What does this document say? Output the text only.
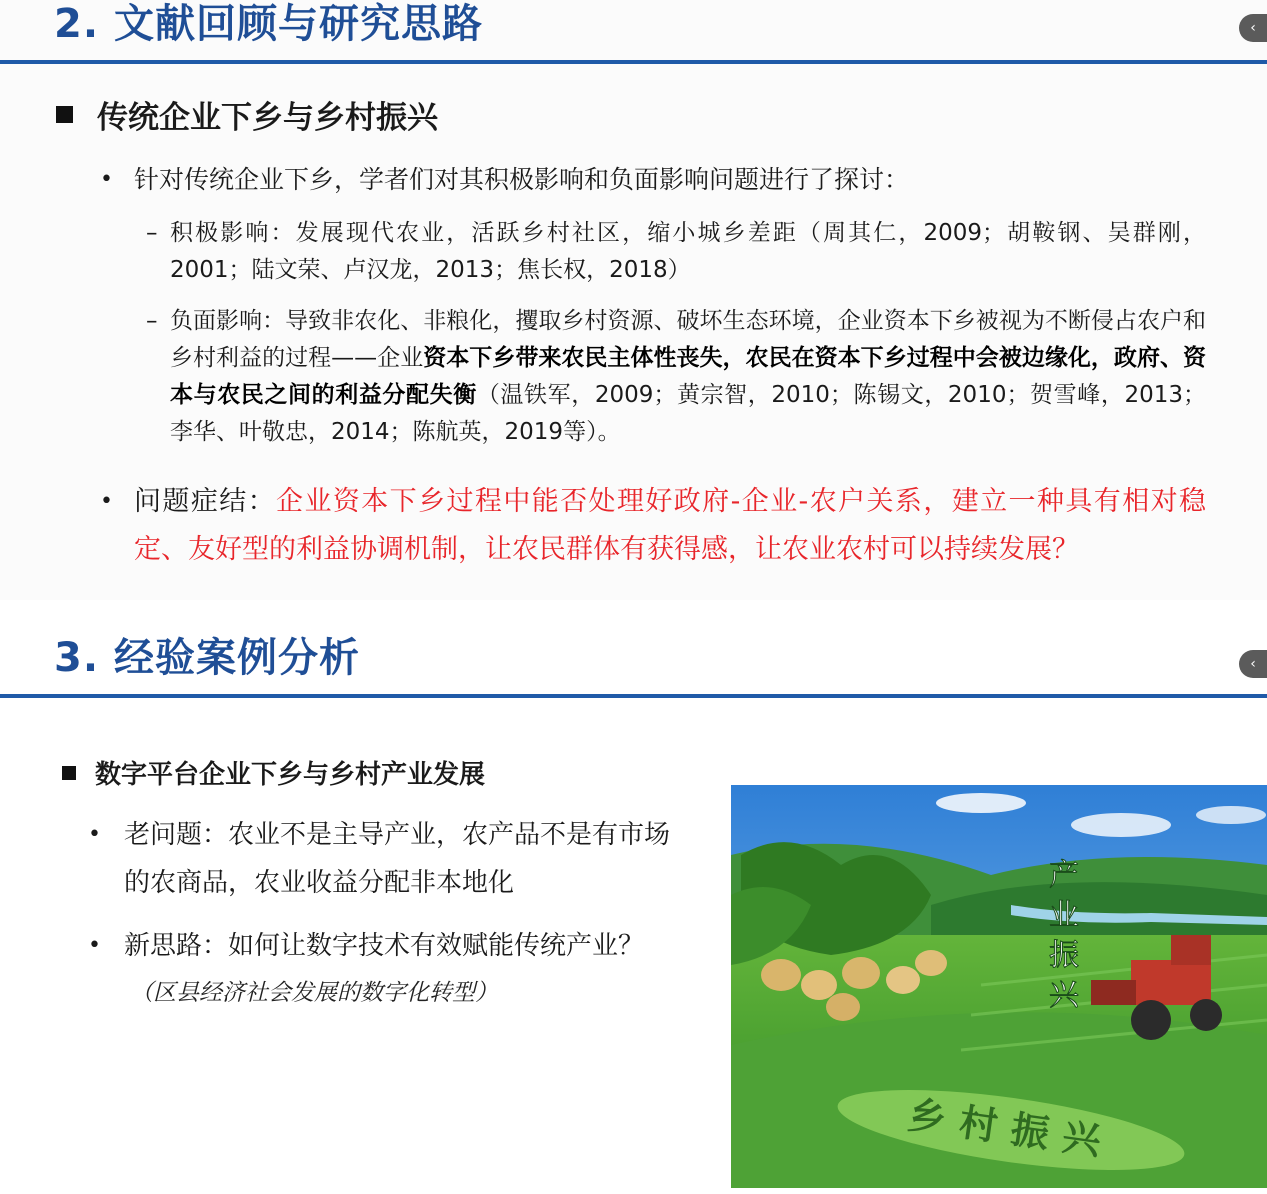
2. 文献回顾与研究思路	‹
传统企业下乡与乡村振兴
• 针对传统企业下乡，学者们对其积极影响和负面影响问题进行了探讨：
– 积极影响：发展现代农业，活跃乡村社区，缩小城乡差距（周其仁，2009；胡鞍钢、吴群刚，2001；陆文荣、卢汉龙，2013；焦长权，2018）
– 负面影响：导致非农化、非粮化，攫取乡村资源、破坏生态环境，企业资本下乡被视为不断侵占农户和乡村利益的过程——企业资本下乡带来农民主体性丧失，农民在资本下乡过程中会被边缘化，政府、资本与农民之间的利益分配失衡（温铁军，2009；黄宗智，2010；陈锡文，2010；贺雪峰，2013；李华、叶敬忠，2014；陈航英，2019等）。
• 问题症结：企业资本下乡过程中能否处理好政府-企业-农户关系，建立一种具有相对稳定、友好型的利益协调机制，让农民群体有获得感，让农业农村可以持续发展？
3. 经验案例分析	‹
数字平台企业下乡与乡村产业发展
• 老问题：农业不是主导产业，农产品不是有市场的农商品，农业收益分配非本地化
• 新思路：如何让数字技术有效赋能传统产业？
（区县经济社会发展的数字化转型）
产业振兴
乡村振兴
